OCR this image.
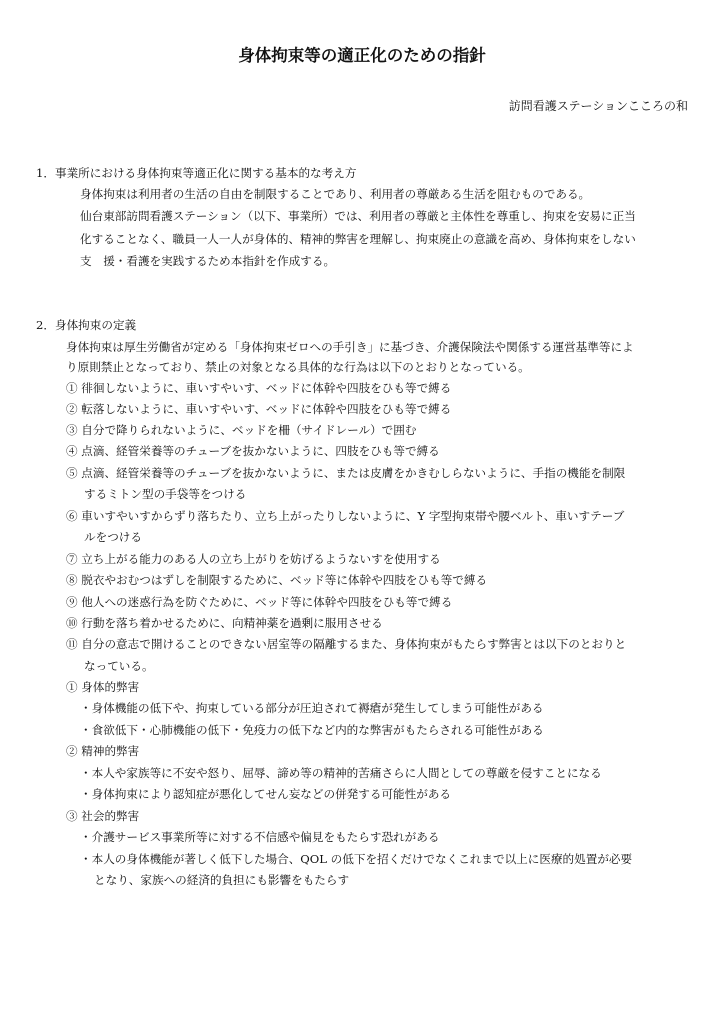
身体拘束等の適正化のための指針
訪問看護ステーションこころの和
1．事業所における身体拘束等適正化に関する基本的な考え方
身体拘束は利用者の生活の自由を制限することであり、利用者の尊厳ある生活を阻むものである。
仙台東部訪問看護ステーション（以下、事業所）では、利用者の尊厳と主体性を尊重し、拘束を安易に正当
化することなく、職員一人一人が身体的、精神的弊害を理解し、拘束廃止の意識を高め、身体拘束をしない
支　援・看護を実践するため本指針を作成する。
2．身体拘束の定義
身体拘束は厚生労働省が定める「身体拘束ゼロへの手引き」に基づき、介護保険法や関係する運営基準等によ
り原則禁止となっており、禁止の対象となる具体的な行為は以下のとおりとなっている。
① 徘徊しないように、車いすやいす、ベッドに体幹や四肢をひも等で縛る
② 転落しないように、車いすやいす、ベッドに体幹や四肢をひも等で縛る
③ 自分で降りられないように、ベッドを柵（サイドレール）で囲む
④ 点滴、経管栄養等のチューブを抜かないように、四肢をひも等で縛る
⑤ 点滴、経管栄養等のチューブを抜かないように、または皮膚をかきむしらないように、手指の機能を制限
するミトン型の手袋等をつける
⑥ 車いすやいすからずり落ちたり、立ち上がったりしないように、Y 字型拘束帯や腰ベルト、車いすテーブ
ルをつける
⑦ 立ち上がる能力のある人の立ち上がりを妨げるようないすを使用する
⑧ 脱衣やおむつはずしを制限するために、ベッド等に体幹や四肢をひも等で縛る
⑨ 他人への迷惑行為を防ぐために、ベッド等に体幹や四肢をひも等で縛る
⑩ 行動を落ち着かせるために、向精神薬を過剰に服用させる
⑪ 自分の意志で開けることのできない居室等の隔離するまた、身体拘束がもたらす弊害とは以下のとおりと
なっている。
① 身体的弊害
・身体機能の低下や、拘束している部分が圧迫されて褥瘡が発生してしまう可能性がある
・食欲低下・心肺機能の低下・免疫力の低下など内的な弊害がもたらされる可能性がある
② 精神的弊害
・本人や家族等に不安や怒り、屈辱、諦め等の精神的苦痛さらに人間としての尊厳を侵すことになる
・身体拘束により認知症が悪化してせん妄などの併発する可能性がある
③ 社会的弊害
・介護サービス事業所等に対する不信感や偏見をもたらす恐れがある
・本人の身体機能が著しく低下した場合、QOL の低下を招くだけでなくこれまで以上に医療的処置が必要
となり、家族への経済的負担にも影響をもたらす
